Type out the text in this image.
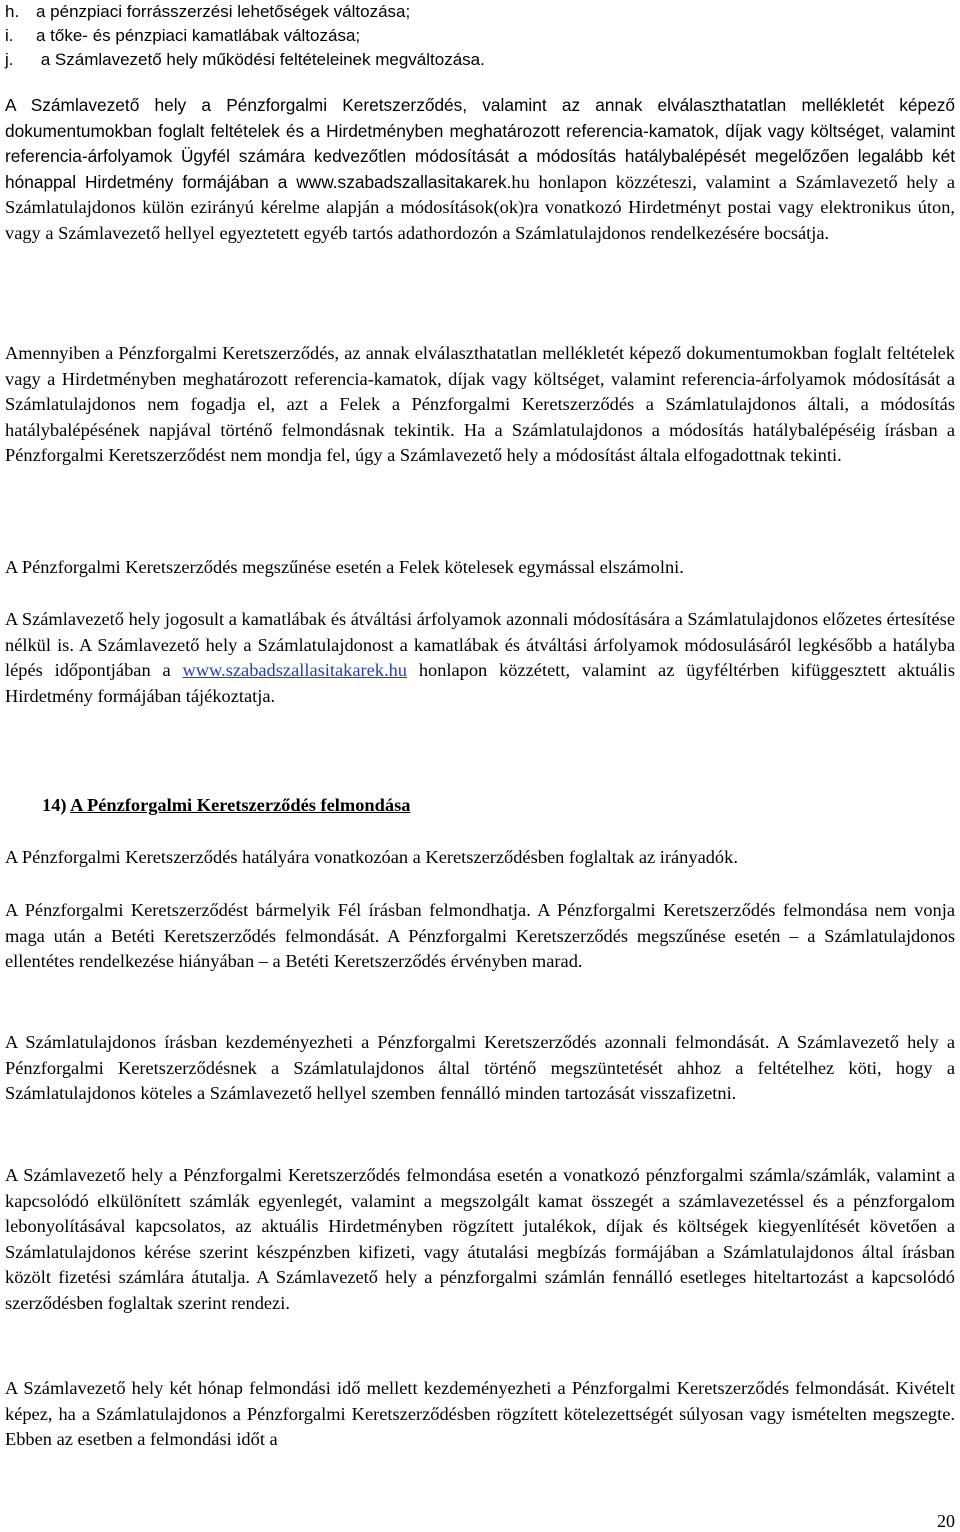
h. a pénzpiaci forrásszerzési lehetőségek változása;
i.	a tőke- és pénzpiaci kamatlábak változása;
j.	a Számlavezető hely működési feltételeinek megváltozása.

A Számlavezető hely a Pénzforgalmi Keretszerződés, valamint az annak elválaszthatatlan mellékletét képező dokumentumokban foglalt feltételek és a Hirdetményben meghatározott referencia-kamatok, díjak vagy költséget, valamint referencia-árfolyamok Ügyfél számára kedvezőtlen módosítását a módosítás hatálybalépését megelőzően legalább két hónappal Hirdetmény formájában a www.szabadszallasitakarek.hu honlapon közzéteszi, valamint a Számlavezető hely a Számlatulajdonos külön ezirányú kérelme alapján a módosítások(ok)ra vonatkozó Hirdetményt postai vagy elektronikus úton, vagy a Számlavezető hellyel egyeztetett egyéb tartós adathordozón a Számlatulajdonos rendelkezésére bocsátja.

Amennyiben a Pénzforgalmi Keretszerződés, az annak elválaszthatatlan mellékletét képező dokumentumokban foglalt feltételek vagy a Hirdetményben meghatározott referencia-kamatok, díjak vagy költséget, valamint referencia-árfolyamok módosítását a Számlatulajdonos nem fogadja el, azt a Felek a Pénzforgalmi Keretszerződés a Számlatulajdonos általi, a módosítás hatálybalépésének napjával történő felmondásnak tekintik. Ha a Számlatulajdonos a módosítás hatálybalépéséig írásban a Pénzforgalmi Keretszerződést nem mondja fel, úgy a Számlavezető hely a módosítást általa elfogadottnak tekinti.

A Pénzforgalmi Keretszerződés megszűnése esetén a Felek kötelesek egymással elszámolni.

A Számlavezető hely jogosult a kamatlábak és átváltási árfolyamok azonnali módosítására a Számlatulajdonos előzetes értesítése nélkül is. A Számlavezető hely a Számlatulajdonost a kamatlábak és átváltási árfolyamok módosulásáról legkésőbb a hatályba lépés időpontjában a www.szabadszallasitakarek.hu honlapon közzétett, valamint az ügyféltérben kifüggesztett aktuális Hirdetmény formájában tájékoztatja.

14) A Pénzforgalmi Keretszerződés felmondása

A Pénzforgalmi Keretszerződés hatályára vonatkozóan a Keretszerződésben foglaltak az irányadók.

A Pénzforgalmi Keretszerződést bármelyik Fél írásban felmondhatja. A Pénzforgalmi Keretszerződés felmondása nem vonja maga után a Betéti Keretszerződés felmondását. A Pénzforgalmi Keretszerződés megszűnése esetén – a Számlatulajdonos ellentétes rendelkezése hiányában – a Betéti Keretszerződés érvényben marad.

A Számlatulajdonos írásban kezdeményezheti a Pénzforgalmi Keretszerződés azonnali felmondását. A Számlavezető hely a Pénzforgalmi Keretszerződésnek a Számlatulajdonos által történő megszüntetését ahhoz a feltételhez köti, hogy a Számlatulajdonos köteles a Számlavezető hellyel szemben fennálló minden tartozását visszafizetni.

A Számlavezető hely a Pénzforgalmi Keretszerződés felmondása esetén a vonatkozó pénzforgalmi számla/számlák, valamint a kapcsolódó elkülönített számlák egyenlegét, valamint a megszolgált kamat összegét a számlavezetéssel és a pénzforgalom lebonyolításával kapcsolatos, az aktuális Hirdetményben rögzített jutalékok, díjak és költségek kiegyenlítését követően a Számlatulajdonos kérése szerint készpénzben kifizeti, vagy átutalási megbízás formájában a Számlatulajdonos által írásban közölt fizetési számlára átutalja. A Számlavezető hely a pénzforgalmi számlán fennálló esetleges hiteltartozást a kapcsolódó szerződésben foglaltak szerint rendezi.

A Számlavezető hely két hónap felmondási idő mellett kezdeményezheti a Pénzforgalmi Keretszerződés felmondását. Kivételt képez, ha a Számlatulajdonos a Pénzforgalmi Keretszerződésben rögzített kötelezettségét súlyosan vagy ismételten megszegte. Ebben az esetben a felmondási időt a

20
